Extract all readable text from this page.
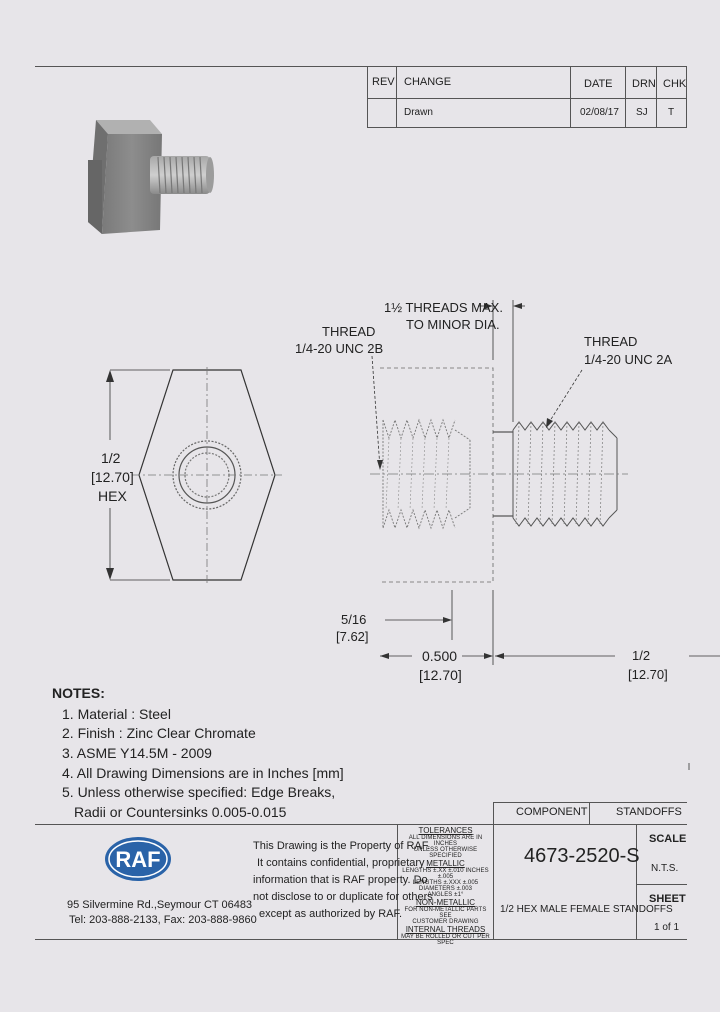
REV CHANGE	DATE DRN CHK
Drawn	02/08/17 SJ T
1½ THREADS MAX.
TO MINOR DIA.
THREAD
1/4-20 UNC 2B	THREAD
1/4-20 UNC 2A
1/2
[12.70]
HEX
5/16
[7.62]
0.500
[12.70]
1/2
[12.70]
NOTES:
1. Material : Steel
2. Finish : Zinc Clear Chromate
3. ASME Y14.5M - 2009
4. All Drawing Dimensions are in Inches [mm]
5. Unless otherwise specified: Edge Breaks,
Radii or Countersinks 0.005-0.015
RAF
95 Silvermine Rd.,Seymour CT 06483
Tel: 203-888-2133, Fax: 203-888-9860
This Drawing is the Property of RAF.
It contains confidential, proprietary
information that is RAF property. Do
not disclose to or duplicate for others
except as authorized by RAF.
TOLERANCES
ALL DIMENSIONS ARE IN INCHES
UNLESS OTHERWISE SPECIFIED
METALLIC
LENGTHS ±.XX ±.010 INCHES ±.005
LENGTHS ±.XXX ±.005
DIAMETERS ±.003
ANGLES ±1°
NON-METALLIC
FOR NON-METALLIC PARTS SEE
CUSTOMER DRAWING
INTERNAL THREADS
MAY BE ROLLED OR CUT PER SPEC
COMPONENT	STANDOFFS
4673-2520-S
1/2 HEX MALE FEMALE STANDOFFS
SCALE
N.T.S.
SHEET
1 of 1
